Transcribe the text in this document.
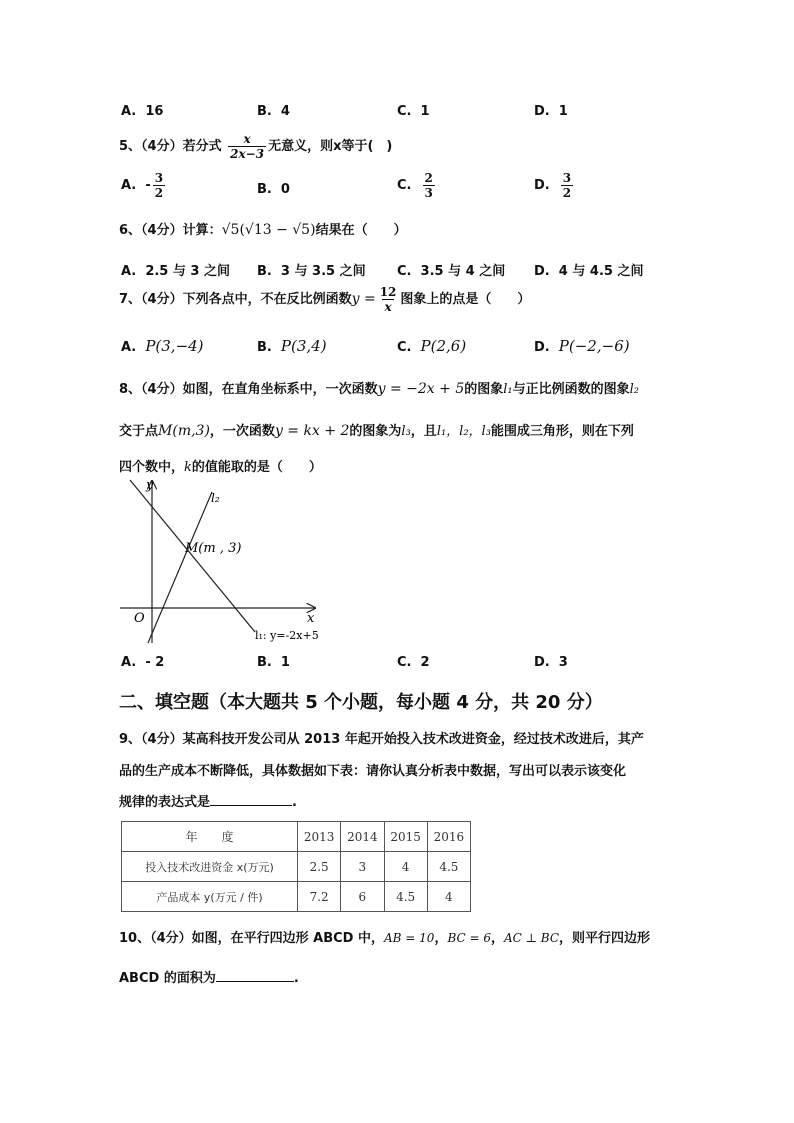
A. 16	B. 4	C. 1	D. 1
5、（4分）若分式 $\frac{x}{2x-3}$ 无意义，则x等于(　)
A. - $\frac{3}{2}$	B. 0	C. $\frac{2}{3}$	D. $\frac{3}{2}$
6、（4分）计算：√5(√13 − √5)结果在（　　）
A. 2.5 与 3 之间 B. 3 与 3.5 之间 C. 3.5 与 4 之间 D. 4 与 4.5 之间
7、（4分）下列各点中，不在反比例函数$y = \frac{12}{x}$ 图象上的点是（　　）
A. P(3,−4)	B. P(3,4)	C. P(2,6)	D. P(−2,−6)
8、（4分）如图，在直角坐标系中，一次函数y = −2x + 5的图象l₁与正比例函数的图象l₂
交于点M(m,3)，一次函数y = kx + 2的图象为l₃，且l₁，l₂，l₃能围成三角形，则在下列
四个数中，k的值能取的是（　　）
y
x
O
l₂
M(m , 3)
l₁: y=-2x+5
A. - 2	B. 1	C. 2	D. 3
二、填空题（本大题共 5 个小题，每小题 4 分，共 20 分）
9、（4分）某高科技开发公司从 2013 年起开始投入技术改进资金，经过技术改进后，其产
品的生产成本不断降低，具体数据如下表：请你认真分析表中数据，写出可以表示该变化
规律的表达式是	.
年　　度	2013	2014	2015	2016
投入技术改进资金 x(万元)	2.5	3	4	4.5
产品成本 y(万元 / 件)	7.2	6	4.5	4
10、（4分）如图，在平行四边形 ABCD 中，AB = 10，BC = 6，AC ⊥ BC，则平行四边形
ABCD 的面积为	.
